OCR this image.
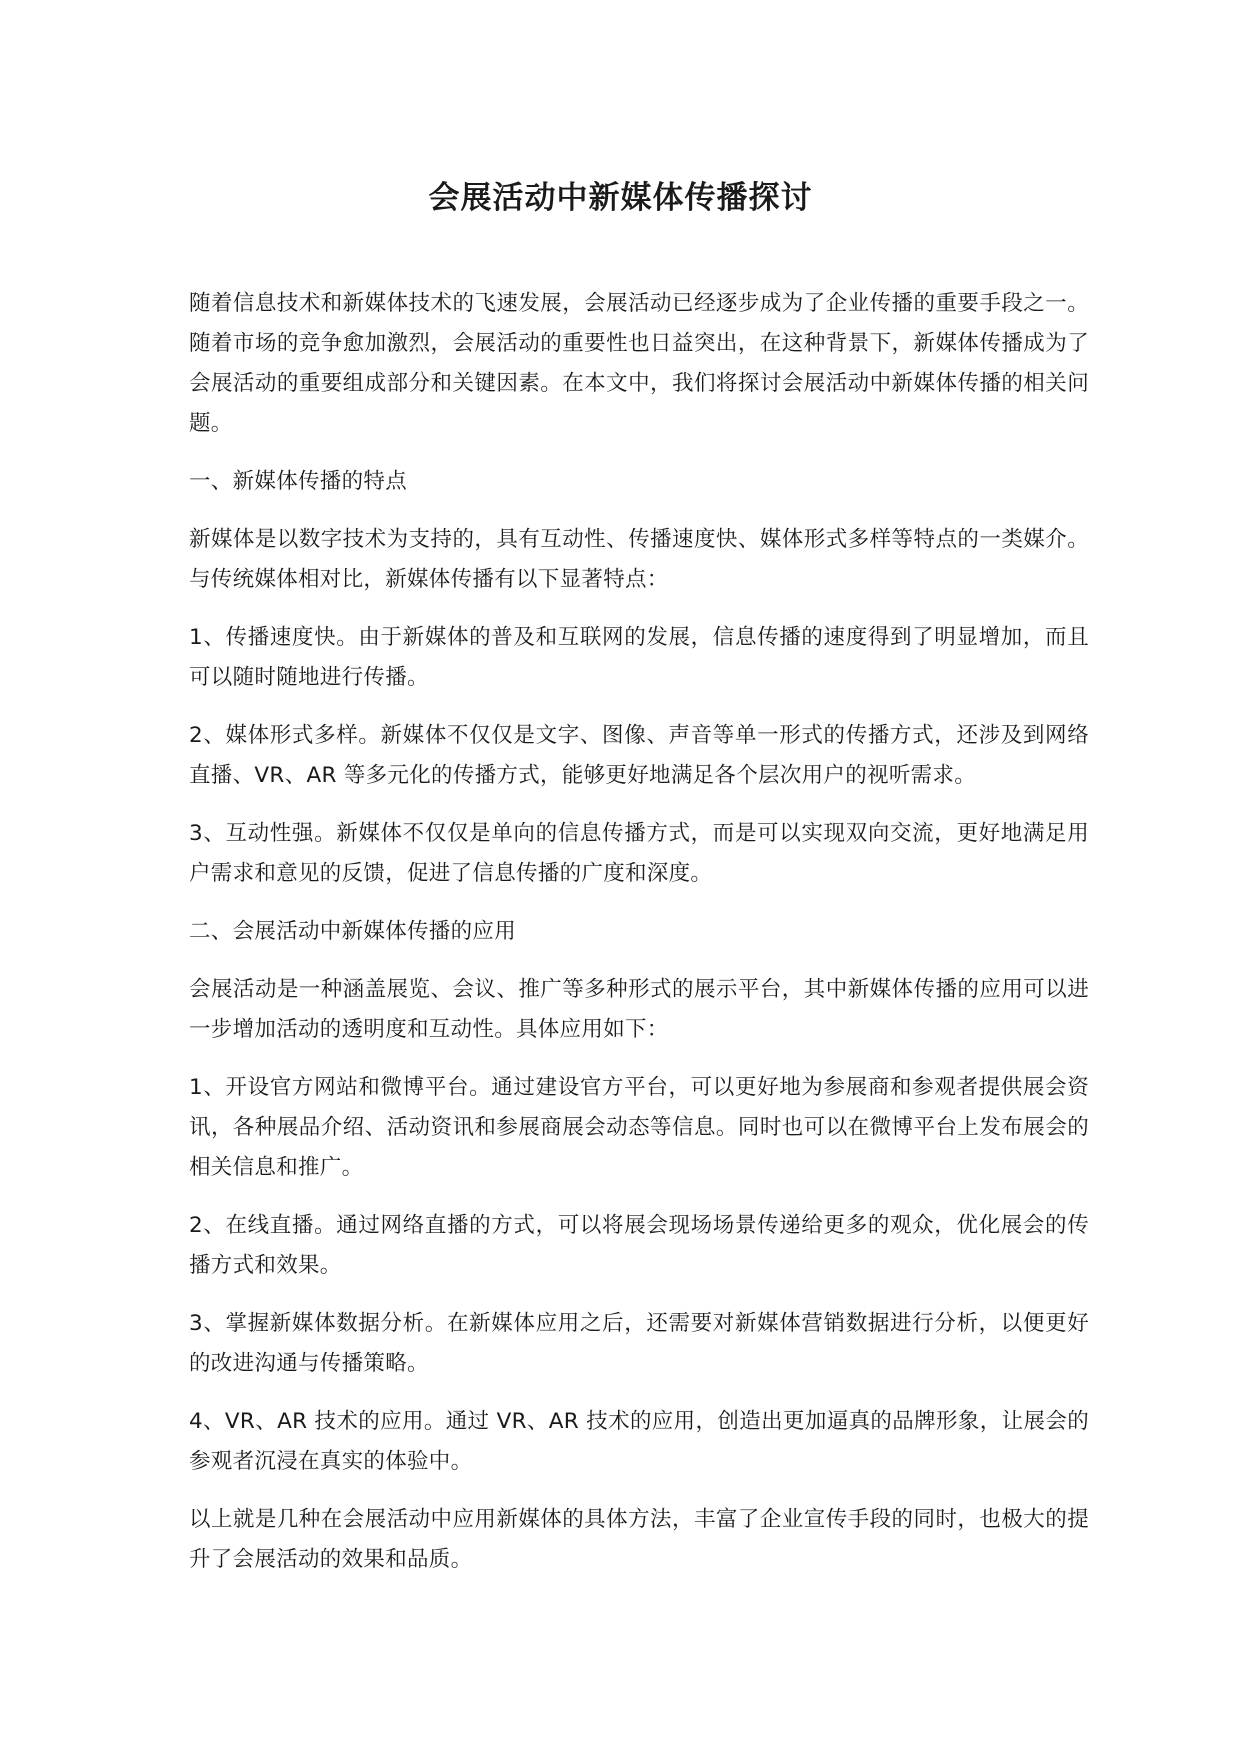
会展活动中新媒体传播探讨

随着信息技术和新媒体技术的飞速发展，会展活动已经逐步成为了企业传播的重要手段之一。随着市场的竞争愈加激烈，会展活动的重要性也日益突出，在这种背景下，新媒体传播成为了会展活动的重要组成部分和关键因素。在本文中，我们将探讨会展活动中新媒体传播的相关问题。

一、新媒体传播的特点

新媒体是以数字技术为支持的，具有互动性、传播速度快、媒体形式多样等特点的一类媒介。与传统媒体相对比，新媒体传播有以下显著特点：

1、传播速度快。由于新媒体的普及和互联网的发展，信息传播的速度得到了明显增加，而且可以随时随地进行传播。

2、媒体形式多样。新媒体不仅仅是文字、图像、声音等单一形式的传播方式，还涉及到网络直播、VR、AR 等多元化的传播方式，能够更好地满足各个层次用户的视听需求。

3、互动性强。新媒体不仅仅是单向的信息传播方式，而是可以实现双向交流，更好地满足用户需求和意见的反馈，促进了信息传播的广度和深度。

二、会展活动中新媒体传播的应用

会展活动是一种涵盖展览、会议、推广等多种形式的展示平台，其中新媒体传播的应用可以进一步增加活动的透明度和互动性。具体应用如下：

1、开设官方网站和微博平台。通过建设官方平台，可以更好地为参展商和参观者提供展会资讯，各种展品介绍、活动资讯和参展商展会动态等信息。同时也可以在微博平台上发布展会的相关信息和推广。

2、在线直播。通过网络直播的方式，可以将展会现场场景传递给更多的观众，优化展会的传播方式和效果。

3、掌握新媒体数据分析。在新媒体应用之后，还需要对新媒体营销数据进行分析，以便更好的改进沟通与传播策略。

4、VR、AR 技术的应用。通过 VR、AR 技术的应用，创造出更加逼真的品牌形象，让展会的参观者沉浸在真实的体验中。

以上就是几种在会展活动中应用新媒体的具体方法，丰富了企业宣传手段的同时，也极大的提升了会展活动的效果和品质。
